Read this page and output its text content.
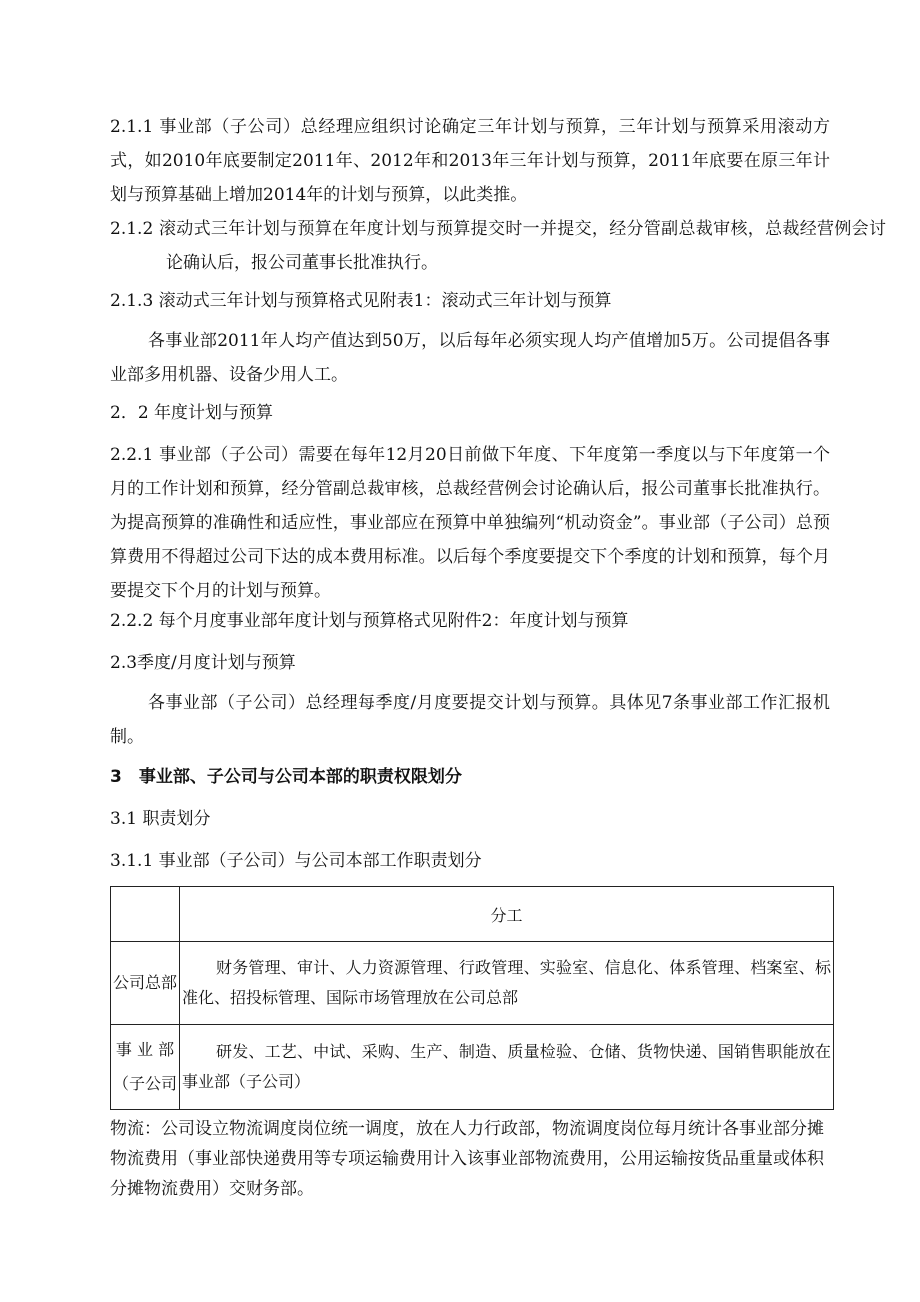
2.1.1 事业部（子公司）总经理应组织讨论确定三年计划与预算，三年计划与预算采用滚动方式，如2010年底要制定2011年、2012年和2013年三年计划与预算，2011年底要在原三年计划与预算基础上增加2014年的计划与预算，以此类推。

2.1.2 滚动式三年计划与预算在年度计划与预算提交时一并提交，经分管副总裁审核，总裁经营例会讨论确认后，报公司董事长批准执行。

2.1.3 滚动式三年计划与预算格式见附表1：滚动式三年计划与预算

各事业部2011年人均产值达到50万，以后每年必须实现人均产值增加5万。公司提倡各事业部多用机器、设备少用人工。

2．2 年度计划与预算

2.2.1 事业部（子公司）需要在每年12月20日前做下年度、下年度第一季度以与下年度第一个月的工作计划和预算，经分管副总裁审核，总裁经营例会讨论确认后，报公司董事长批准执行。为提高预算的准确性和适应性，事业部应在预算中单独编列“机动资金”。事业部（子公司）总预算费用不得超过公司下达的成本费用标准。以后每个季度要提交下个季度的计划和预算，每个月要提交下个月的计划与预算。

2.2.2 每个月度事业部年度计划与预算格式见附件2：年度计划与预算

2.3季度/月度计划与预算

各事业部（子公司）总经理每季度/月度要提交计划与预算。具体见7条事业部工作汇报机制。

3　事业部、子公司与公司本部的职责权限划分

3.1 职责划分

3.1.1 事业部（子公司）与公司本部工作职责划分

	分工
公司总部	财务管理、审计、人力资源管理、行政管理、实验室、信息化、体系管理、档案室、标准化、招投标管理、国际市场管理放在公司总部
事 业 部（子公司	研发、工艺、中试、采购、生产、制造、质量检验、仓储、货物快递、国销售职能放在事业部（子公司）

物流：公司设立物流调度岗位统一调度，放在人力行政部，物流调度岗位每月统计各事业部分摊物流费用（事业部快递费用等专项运输费用计入该事业部物流费用，公用运输按货品重量或体积分摊物流费用）交财务部。
